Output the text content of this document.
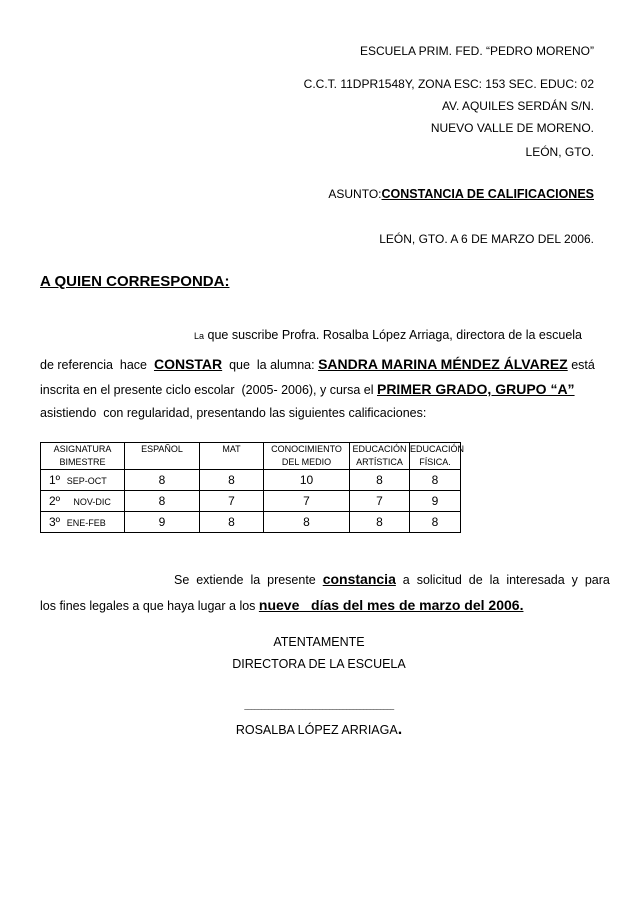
ESCUELA PRIM. FED. “PEDRO MORENO”
C.C.T. 11DPR1548Y, ZONA ESC: 153 SEC. EDUC: 02
AV. AQUILES SERDÁN S/N.
NUEVO VALLE DE MORENO.
LEÓN, GTO.
ASUNTO:CONSTANCIA DE CALIFICACIONES
LEÓN, GTO. A 6 DE MARZO DEL 2006.
A QUIEN CORRESPONDA:
La que suscribe Profra. Rosalba López Arriaga, directora de la escuela
de referencia  hace  CONSTAR  que  la alumna: SANDRA MARINA MÉNDEZ ÁLVAREZ está
inscrita en el presente ciclo escolar  (2005- 2006), y cursa el PRIMER GRADO, GRUPO “A”
asistiendo  con regularidad, presentando las siguientes calificaciones:
ASIGNATURA	ESPAÑOL	MAT	CONOCIMIENTO	EDUCACIÓN	EDUCACIÓN
BIMESTRE			DEL MEDIO	ARTÍSTICA	FÍSICA.
1º SEP-OCT	8	8	10	8	8
2º NOV-DIC	8	7	7	7	9
3º ENE-FEB	9	8	8	8	8
Se  extiende  la  presente  constancia  a  solicitud  de  la  interesada  y  para
los fines legales a que haya lugar a los nueve   días del mes de marzo del 2006.
ATENTAMENTE
DIRECTORA DE LA ESCUELA
____________________________________________
ROSALBA LÓPEZ ARRIAGA.
